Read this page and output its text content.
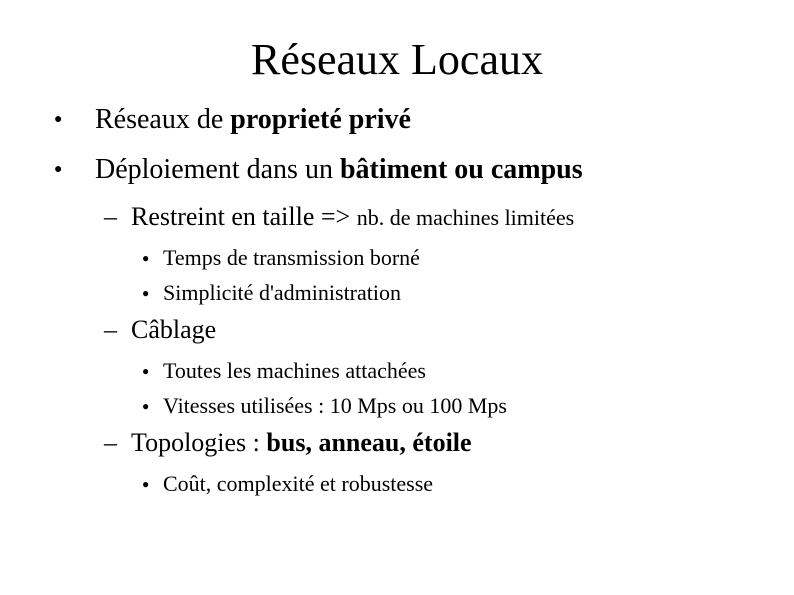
Réseaux Locaux
● Réseaux de proprieté privé
● Déploiement dans un bâtiment ou campus
– Restreint en taille => nb. de machines limitées
● Temps de transmission borné
● Simplicité d'administration
– Câblage
● Toutes les machines attachées
● Vitesses utilisées : 10 Mps ou 100 Mps
– Topologies : bus, anneau, étoile
● Coût, complexité et robustesse
